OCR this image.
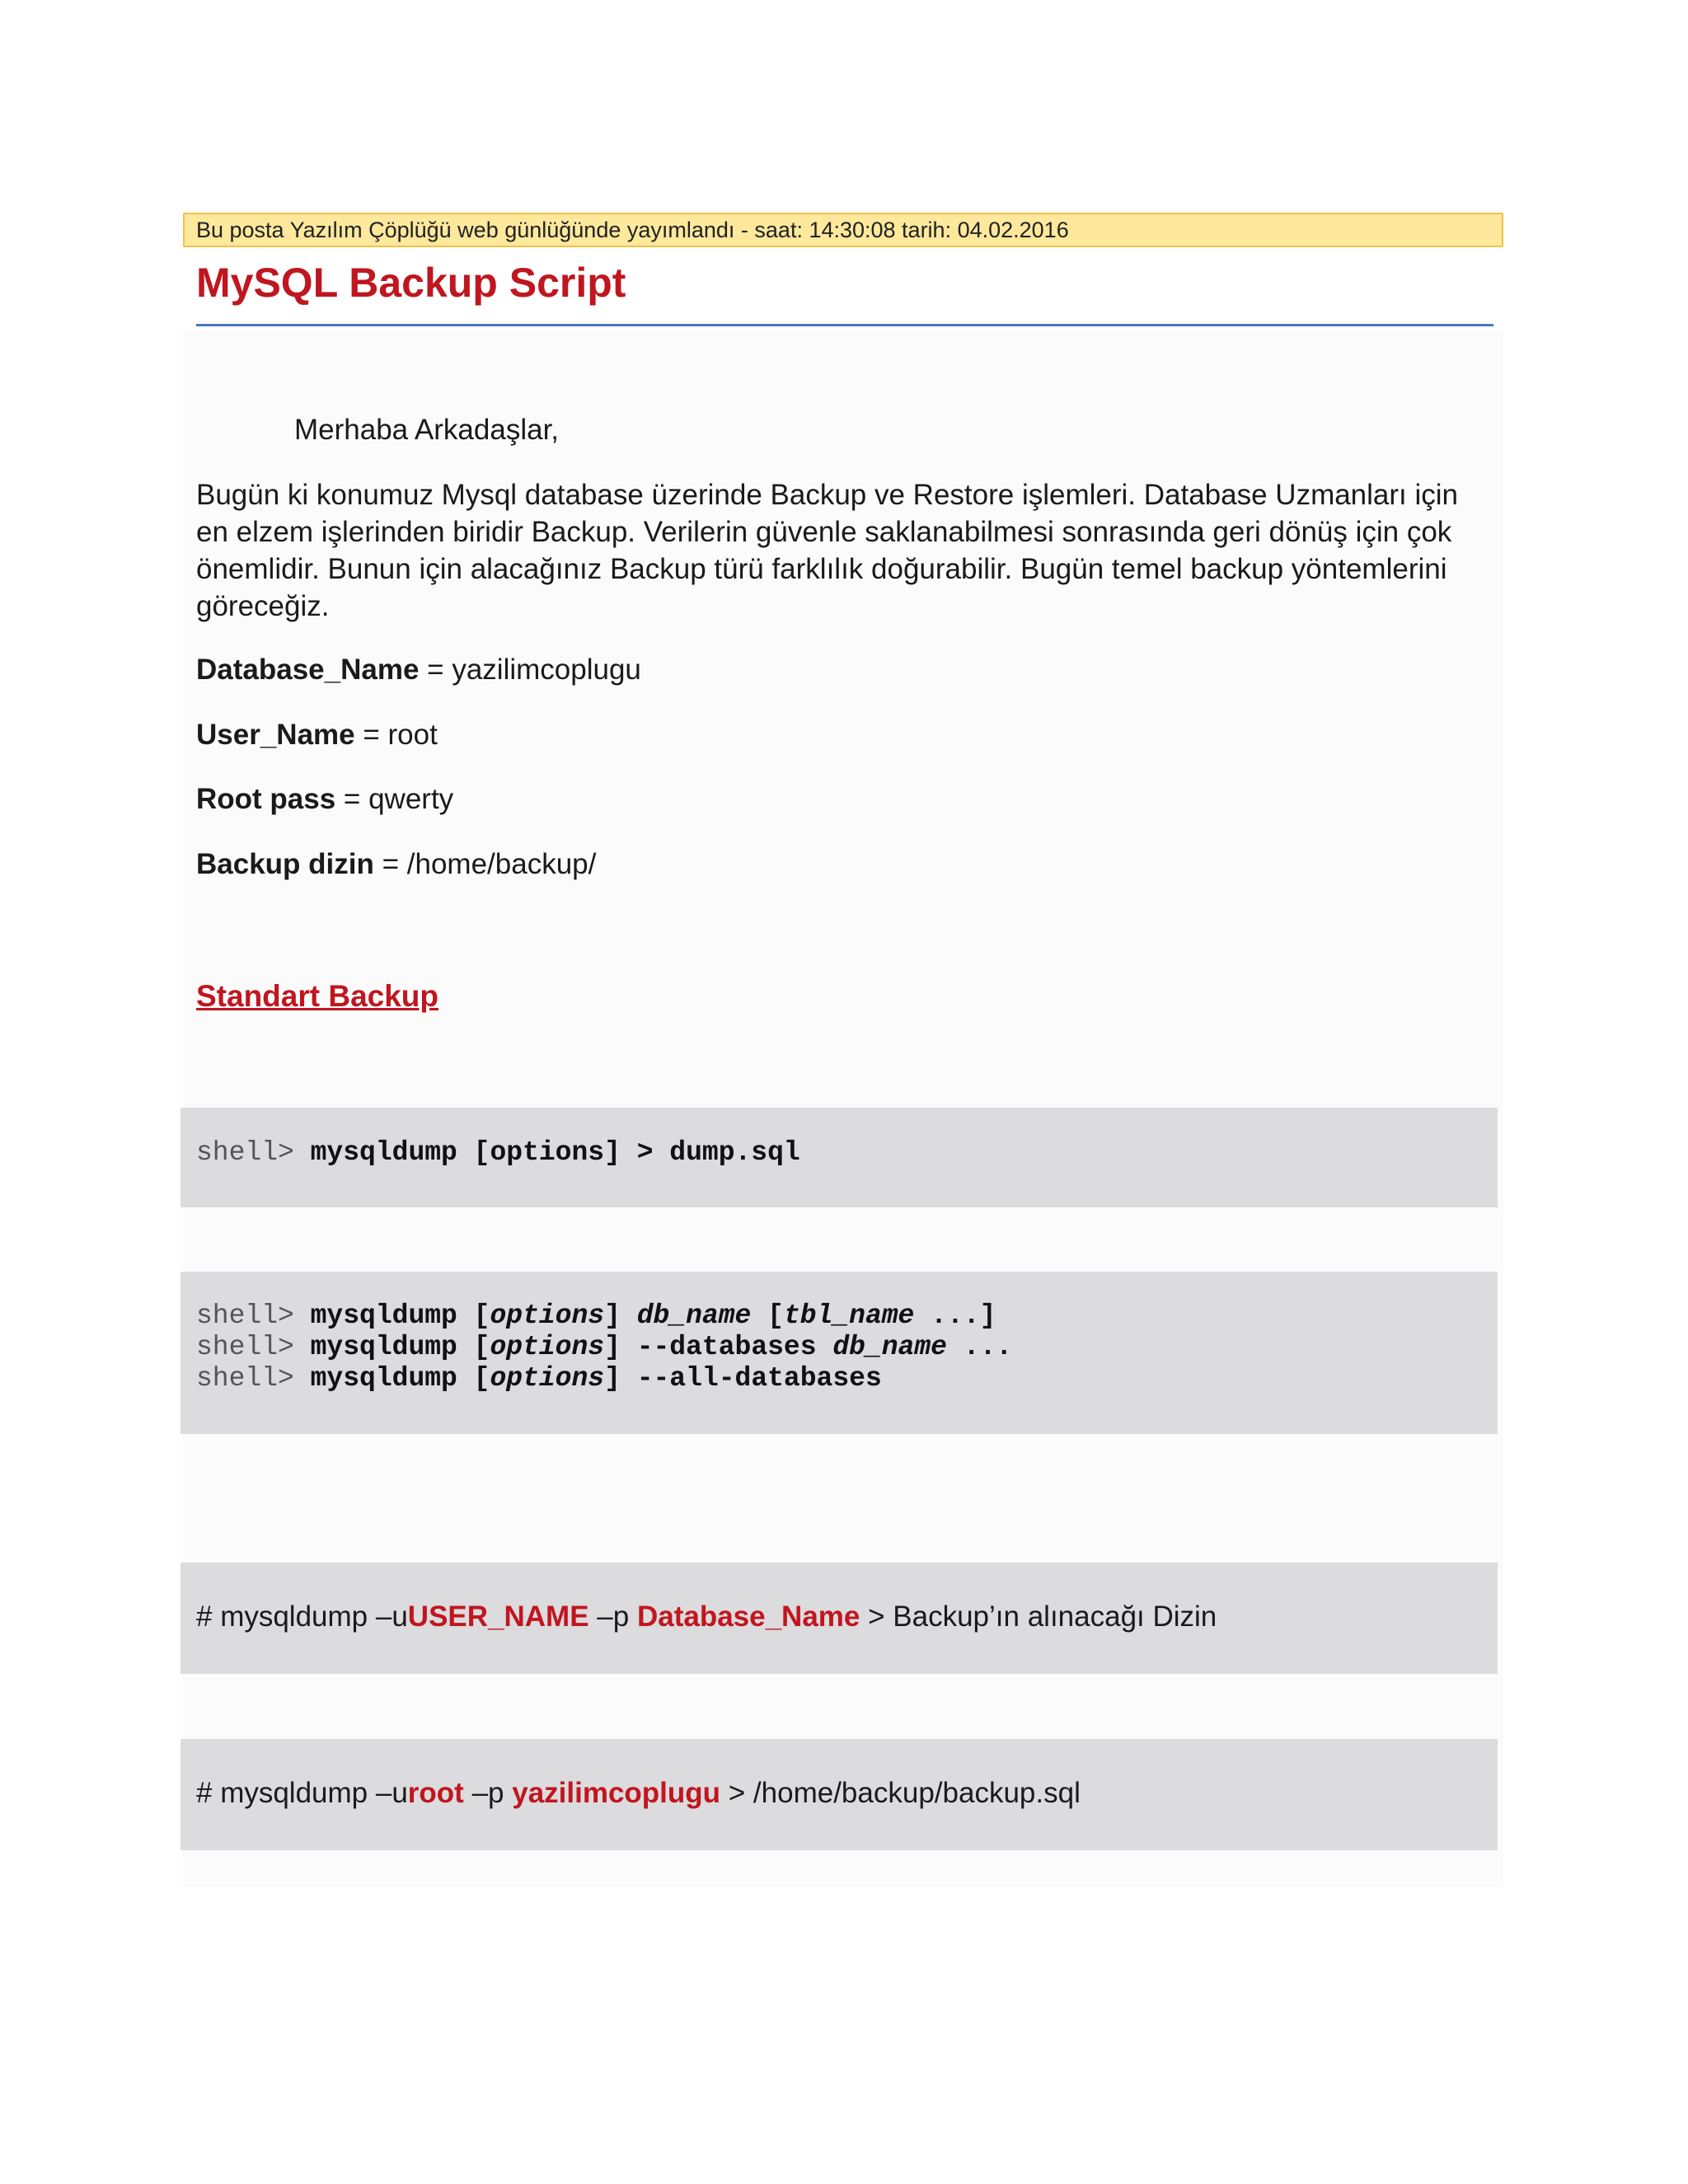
Bu posta Yazılım Çöplüğü web günlüğünde yayımlandı - saat: 14:30:08 tarih: 04.02.2016
MySQL Backup Script
Merhaba Arkadaşlar,

Bugün ki konumuz Mysql database üzerinde Backup ve Restore işlemleri. Database Uzmanları için en elzem işlerinden biridir Backup. Verilerin güvenle saklanabilmesi sonrasında geri dönüş için çok önemlidir. Bunun için alacağınız Backup türü farklılık doğurabilir. Bugün temel backup yöntemlerini göreceğiz.

Database_Name = yazilimcoplugu
User_Name = root
Root pass = qwerty
Backup dizin = /home/backup/
Standart Backup
shell> mysqldump [options] > dump.sql
shell> mysqldump [options] db_name [tbl_name ...]
shell> mysqldump [options] --databases db_name ...
shell> mysqldump [options] --all-databases
# mysqldump –uUSER_NAME –p Database_Name > Backup’ın alınacağı Dizin
# mysqldump –uroot –p yazilimcoplugu > /home/backup/backup.sql
